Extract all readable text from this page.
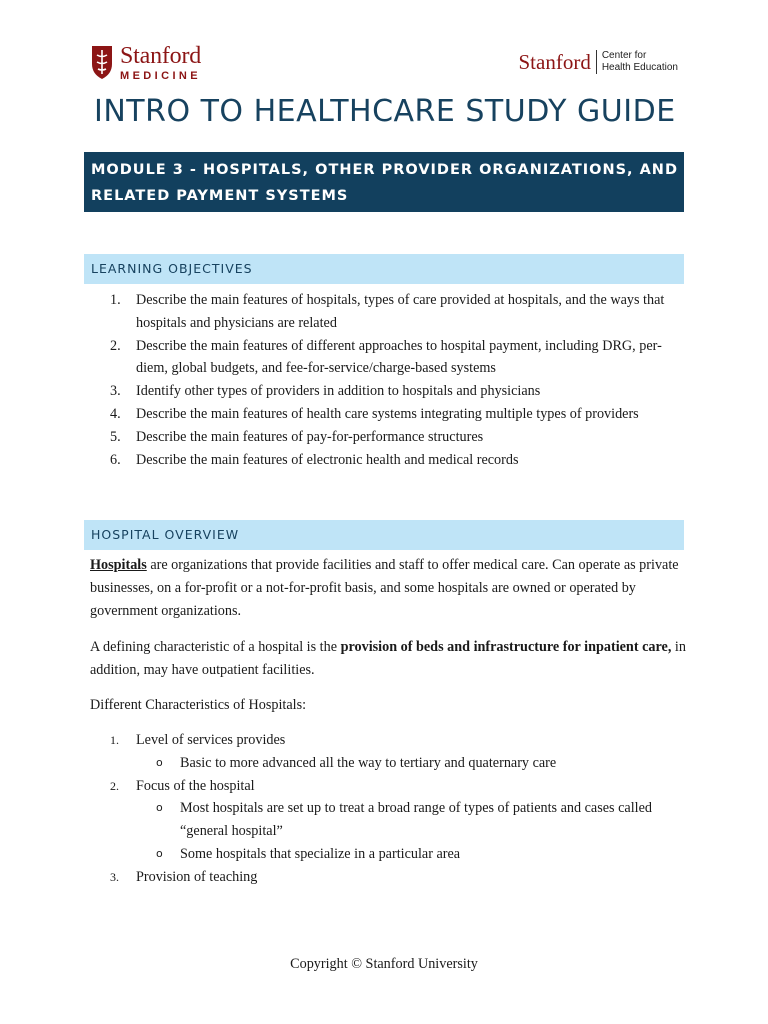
Stanford
MEDICINE
Stanford Center for
Health Education
INTRO TO HEALTHCARE STUDY GUIDE
MODULE 3 - HOSPITALS, OTHER PROVIDER ORGANIZATIONS, AND
RELATED PAYMENT SYSTEMS
LEARNING OBJECTIVES
1.	Describe the main features of hospitals, types of care provided at hospitals, and the ways that hospitals and physicians are related
2.	Describe the main features of different approaches to hospital payment, including DRG, per-diem, global budgets, and fee-for-service/charge-based systems
3.	Identify other types of providers in addition to hospitals and physicians
4.	Describe the main features of health care systems integrating multiple types of providers
5.	Describe the main features of pay-for-performance structures
6.	Describe the main features of electronic health and medical records
HOSPITAL OVERVIEW

Hospitals are organizations that provide facilities and staff to offer medical care. Can operate as private businesses, on a for-profit or a not-for-profit basis, and some hospitals are owned or operated by government organizations.

A defining characteristic of a hospital is the provision of beds and infrastructure for inpatient care, in addition, may have outpatient facilities.

Different Characteristics of Hospitals:

1.	Level of services provides
o	Basic to more advanced all the way to tertiary and quaternary care
2.	Focus of the hospital
o	Most hospitals are set up to treat a broad range of types of patients and cases called “general hospital”
o	Some hospitals that specialize in a particular area
3.	Provision of teaching
Copyright © Stanford University
